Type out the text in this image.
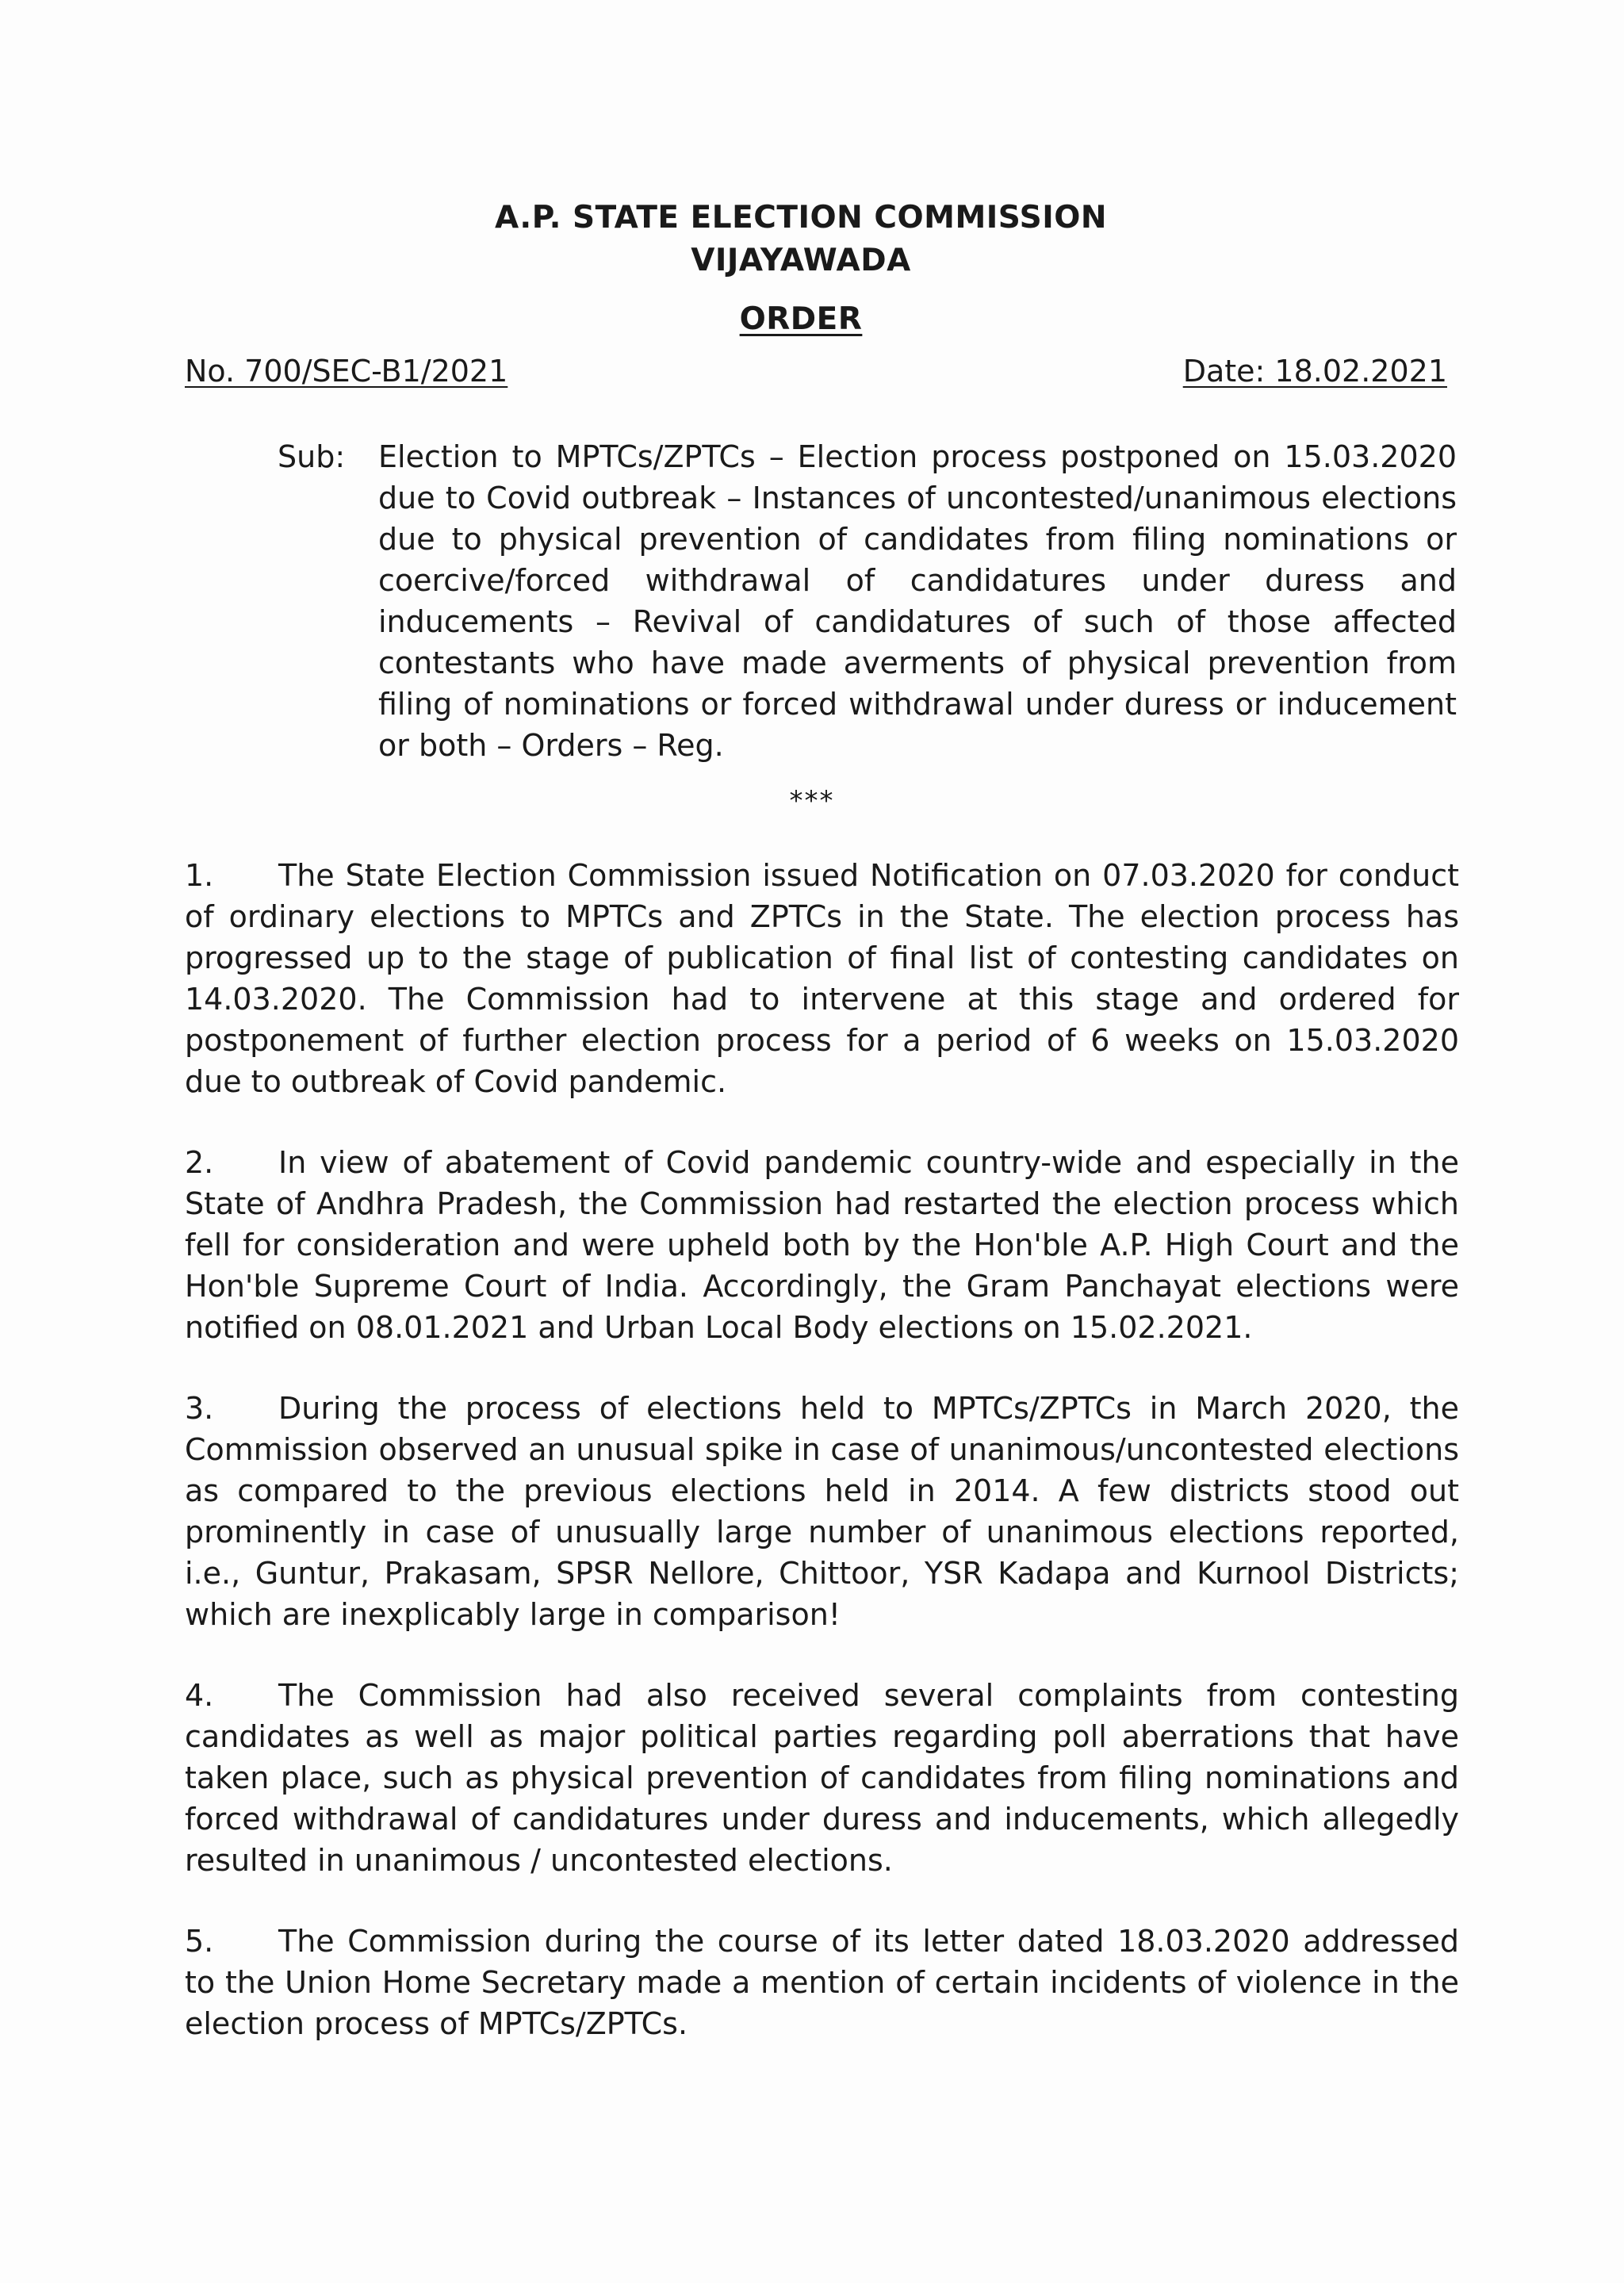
A.P. STATE ELECTION COMMISSION
VIJAYAWADA
ORDER
No. 700/SEC-B1/2021	Date: 18.02.2021
Sub: Election to MPTCs/ZPTCs – Election process postponed on 15.03.2020 due to Covid outbreak – Instances of uncontested/unanimous elections due to physical prevention of candidates from filing nominations or coercive/forced withdrawal of candidatures under duress and inducements – Revival of candidatures of such of those affected contestants who have made averments of physical prevention from filing of nominations or forced withdrawal under duress or inducement or both – Orders – Reg.
***
1. The State Election Commission issued Notification on 07.03.2020 for conduct of ordinary elections to MPTCs and ZPTCs in the State. The election process has progressed up to the stage of publication of final list of contesting candidates on 14.03.2020. The Commission had to intervene at this stage and ordered for postponement of further election process for a period of 6 weeks on 15.03.2020 due to outbreak of Covid pandemic.
2. In view of abatement of Covid pandemic country-wide and especially in the State of Andhra Pradesh, the Commission had restarted the election process which fell for consideration and were upheld both by the Hon'ble A.P. High Court and the Hon'ble Supreme Court of India. Accordingly, the Gram Panchayat elections were notified on 08.01.2021 and Urban Local Body elections on 15.02.2021.
3. During the process of elections held to MPTCs/ZPTCs in March 2020, the Commission observed an unusual spike in case of unanimous/uncontested elections as compared to the previous elections held in 2014. A few districts stood out prominently in case of unusually large number of unanimous elections reported, i.e., Guntur, Prakasam, SPSR Nellore, Chittoor, YSR Kadapa and Kurnool Districts; which are inexplicably large in comparison!
4. The Commission had also received several complaints from contesting candidates as well as major political parties regarding poll aberrations that have taken place, such as physical prevention of candidates from filing nominations and forced withdrawal of candidatures under duress and inducements, which allegedly resulted in unanimous / uncontested elections.
5. The Commission during the course of its letter dated 18.03.2020 addressed to the Union Home Secretary made a mention of certain incidents of violence in the election process of MPTCs/ZPTCs.
